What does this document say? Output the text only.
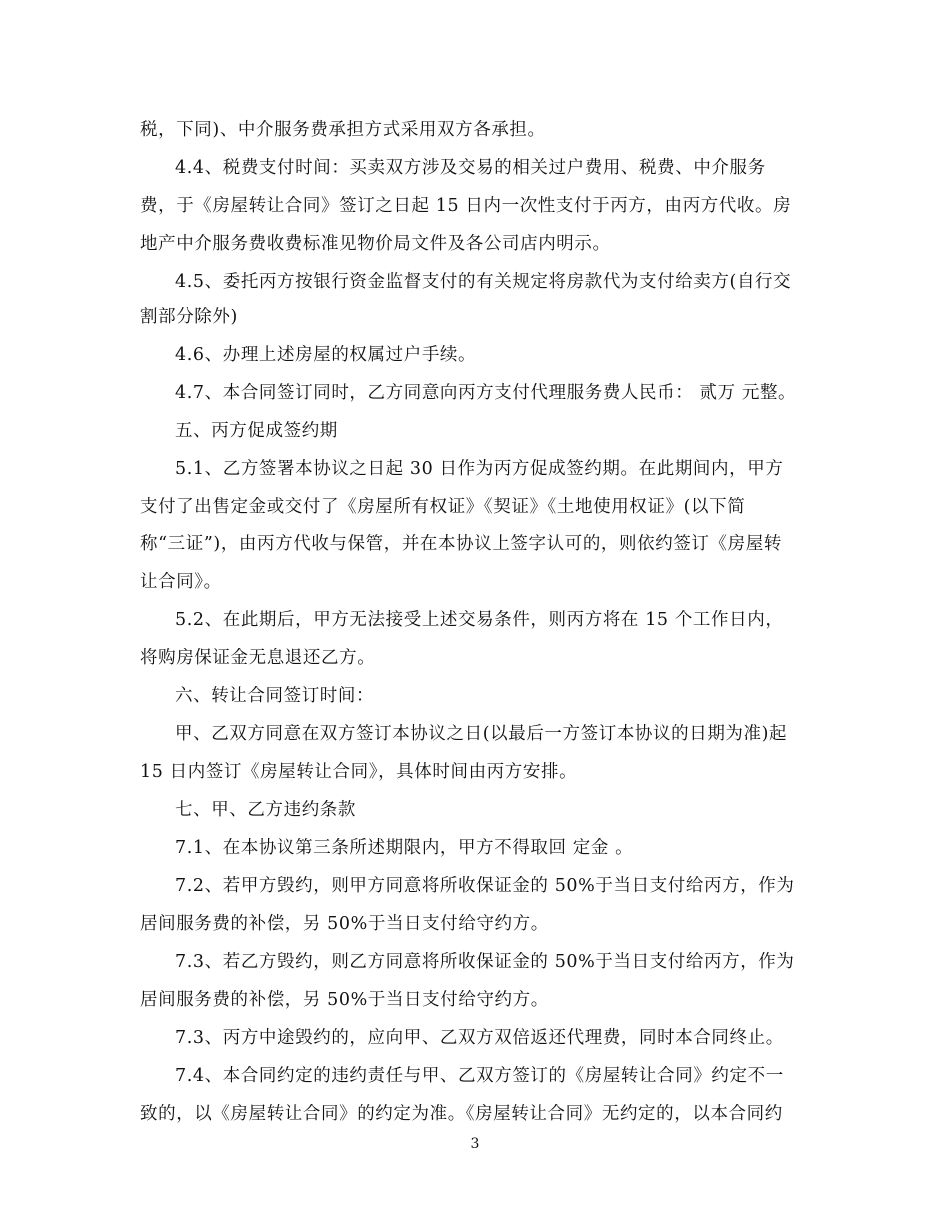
税，下同)、中介服务费承担方式采用双方各承担。
4.4、税费支付时间：买卖双方涉及交易的相关过户费用、税费、中介服务
费，于《房屋转让合同》签订之日起 15 日内一次性支付于丙方，由丙方代收。房
地产中介服务费收费标准见物价局文件及各公司店内明示。
4.5、委托丙方按银行资金监督支付的有关规定将房款代为支付给卖方(自行交
割部分除外)
4.6、办理上述房屋的权属过户手续。
4.7、本合同签订同时，乙方同意向丙方支付代理服务费人民币： 贰万 元整。
五、丙方促成签约期
5.1、乙方签署本协议之日起 30 日作为丙方促成签约期。在此期间内，甲方
支付了出售定金或交付了《房屋所有权证》《契证》《土地使用权证》(以下简
称“三证”)，由丙方代收与保管，并在本协议上签字认可的，则依约签订《房屋转
让合同》。
5.2、在此期后，甲方无法接受上述交易条件，则丙方将在 15 个工作日内，
将购房保证金无息退还乙方。
六、转让合同签订时间：
甲、乙双方同意在双方签订本协议之日(以最后一方签订本协议的日期为准)起
15 日内签订《房屋转让合同》，具体时间由丙方安排。
七、甲、乙方违约条款
7.1、在本协议第三条所述期限内，甲方不得取回 定金 。
7.2、若甲方毁约，则甲方同意将所收保证金的 50%于当日支付给丙方，作为
居间服务费的补偿，另 50%于当日支付给守约方。
7.3、若乙方毁约，则乙方同意将所收保证金的 50%于当日支付给丙方，作为
居间服务费的补偿，另 50%于当日支付给守约方。
7.3、丙方中途毁约的，应向甲、乙双方双倍返还代理费，同时本合同终止。
7.4、本合同约定的违约责任与甲、乙双方签订的《房屋转让合同》约定不一
致的，以《房屋转让合同》的约定为准。《房屋转让合同》无约定的，以本合同约
3
